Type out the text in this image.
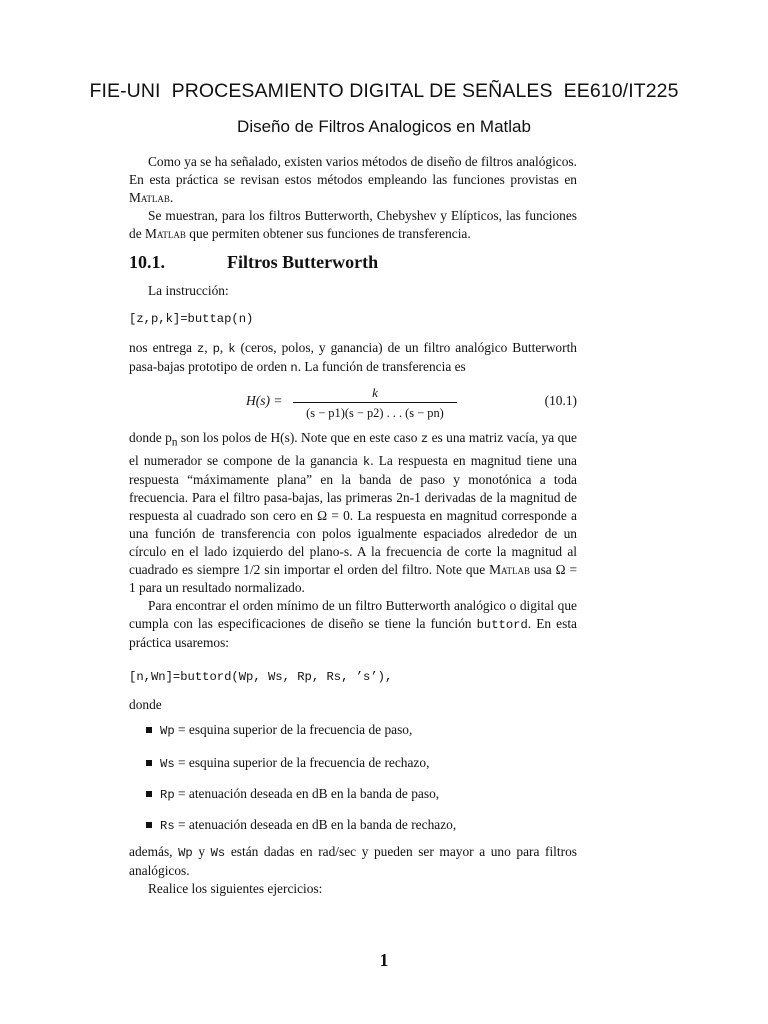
FIE-UNI  PROCESAMIENTO DIGITAL DE SEÑALES  EE610/IT225
Diseño de Filtros Analogicos en Matlab

Como ya se ha señalado, existen varios métodos de diseño de filtros analógicos. En esta práctica se revisan estos métodos empleando las funciones provistas en Matlab.

Se muestran, para los filtros Butterworth, Chebyshev y Elípticos, las funciones de Matlab que permiten obtener sus funciones de transferencia.

10.1.	Filtros Butterworth
La instrucción:
[z,p,k]=buttap(n)

nos entrega z, p, k (ceros, polos, y ganancia) de un filtro analógico Butterworth pasa-bajas prototipo de orden n. La función de transferencia es

H(s) =
k
(s − p1)(s − p2) . . . (s − pn)
(10.1)

donde $p_n$ son los polos de H(s). Note que en este caso z es una matriz vacía, ya que el numerador se compone de la ganancia k. La respuesta en magnitud tiene una respuesta “máximamente plana” en la banda de paso y monotónica a toda frecuencia. Para el filtro pasa-bajas, las primeras 2n-1 derivadas de la magnitud de respuesta al cuadrado son cero en Ω = 0. La respuesta en magnitud corresponde a una función de transferencia con polos igualmente espaciados alrededor de un círculo en el lado izquierdo del plano-s. A la frecuencia de corte la magnitud al cuadrado es siempre 1/2 sin importar el orden del filtro. Note que Matlab usa Ω = 1 para un resultado normalizado.

Para encontrar el orden mínimo de un filtro Butterworth analógico o digital que cumpla con las especificaciones de diseño se tiene la función buttord. En esta práctica usaremos:

[n,Wn]=buttord(Wp, Ws, Rp, Rs, ’s’),
donde
Wp = esquina superior de la frecuencia de paso,
Ws = esquina superior de la frecuencia de rechazo,
Rp = atenuación deseada en dB en la banda de paso,
Rs = atenuación deseada en dB en la banda de rechazo,

además, Wp y Ws están dadas en rad/sec y pueden ser mayor a uno para filtros analógicos.

Realice los siguientes ejercicios:

1
